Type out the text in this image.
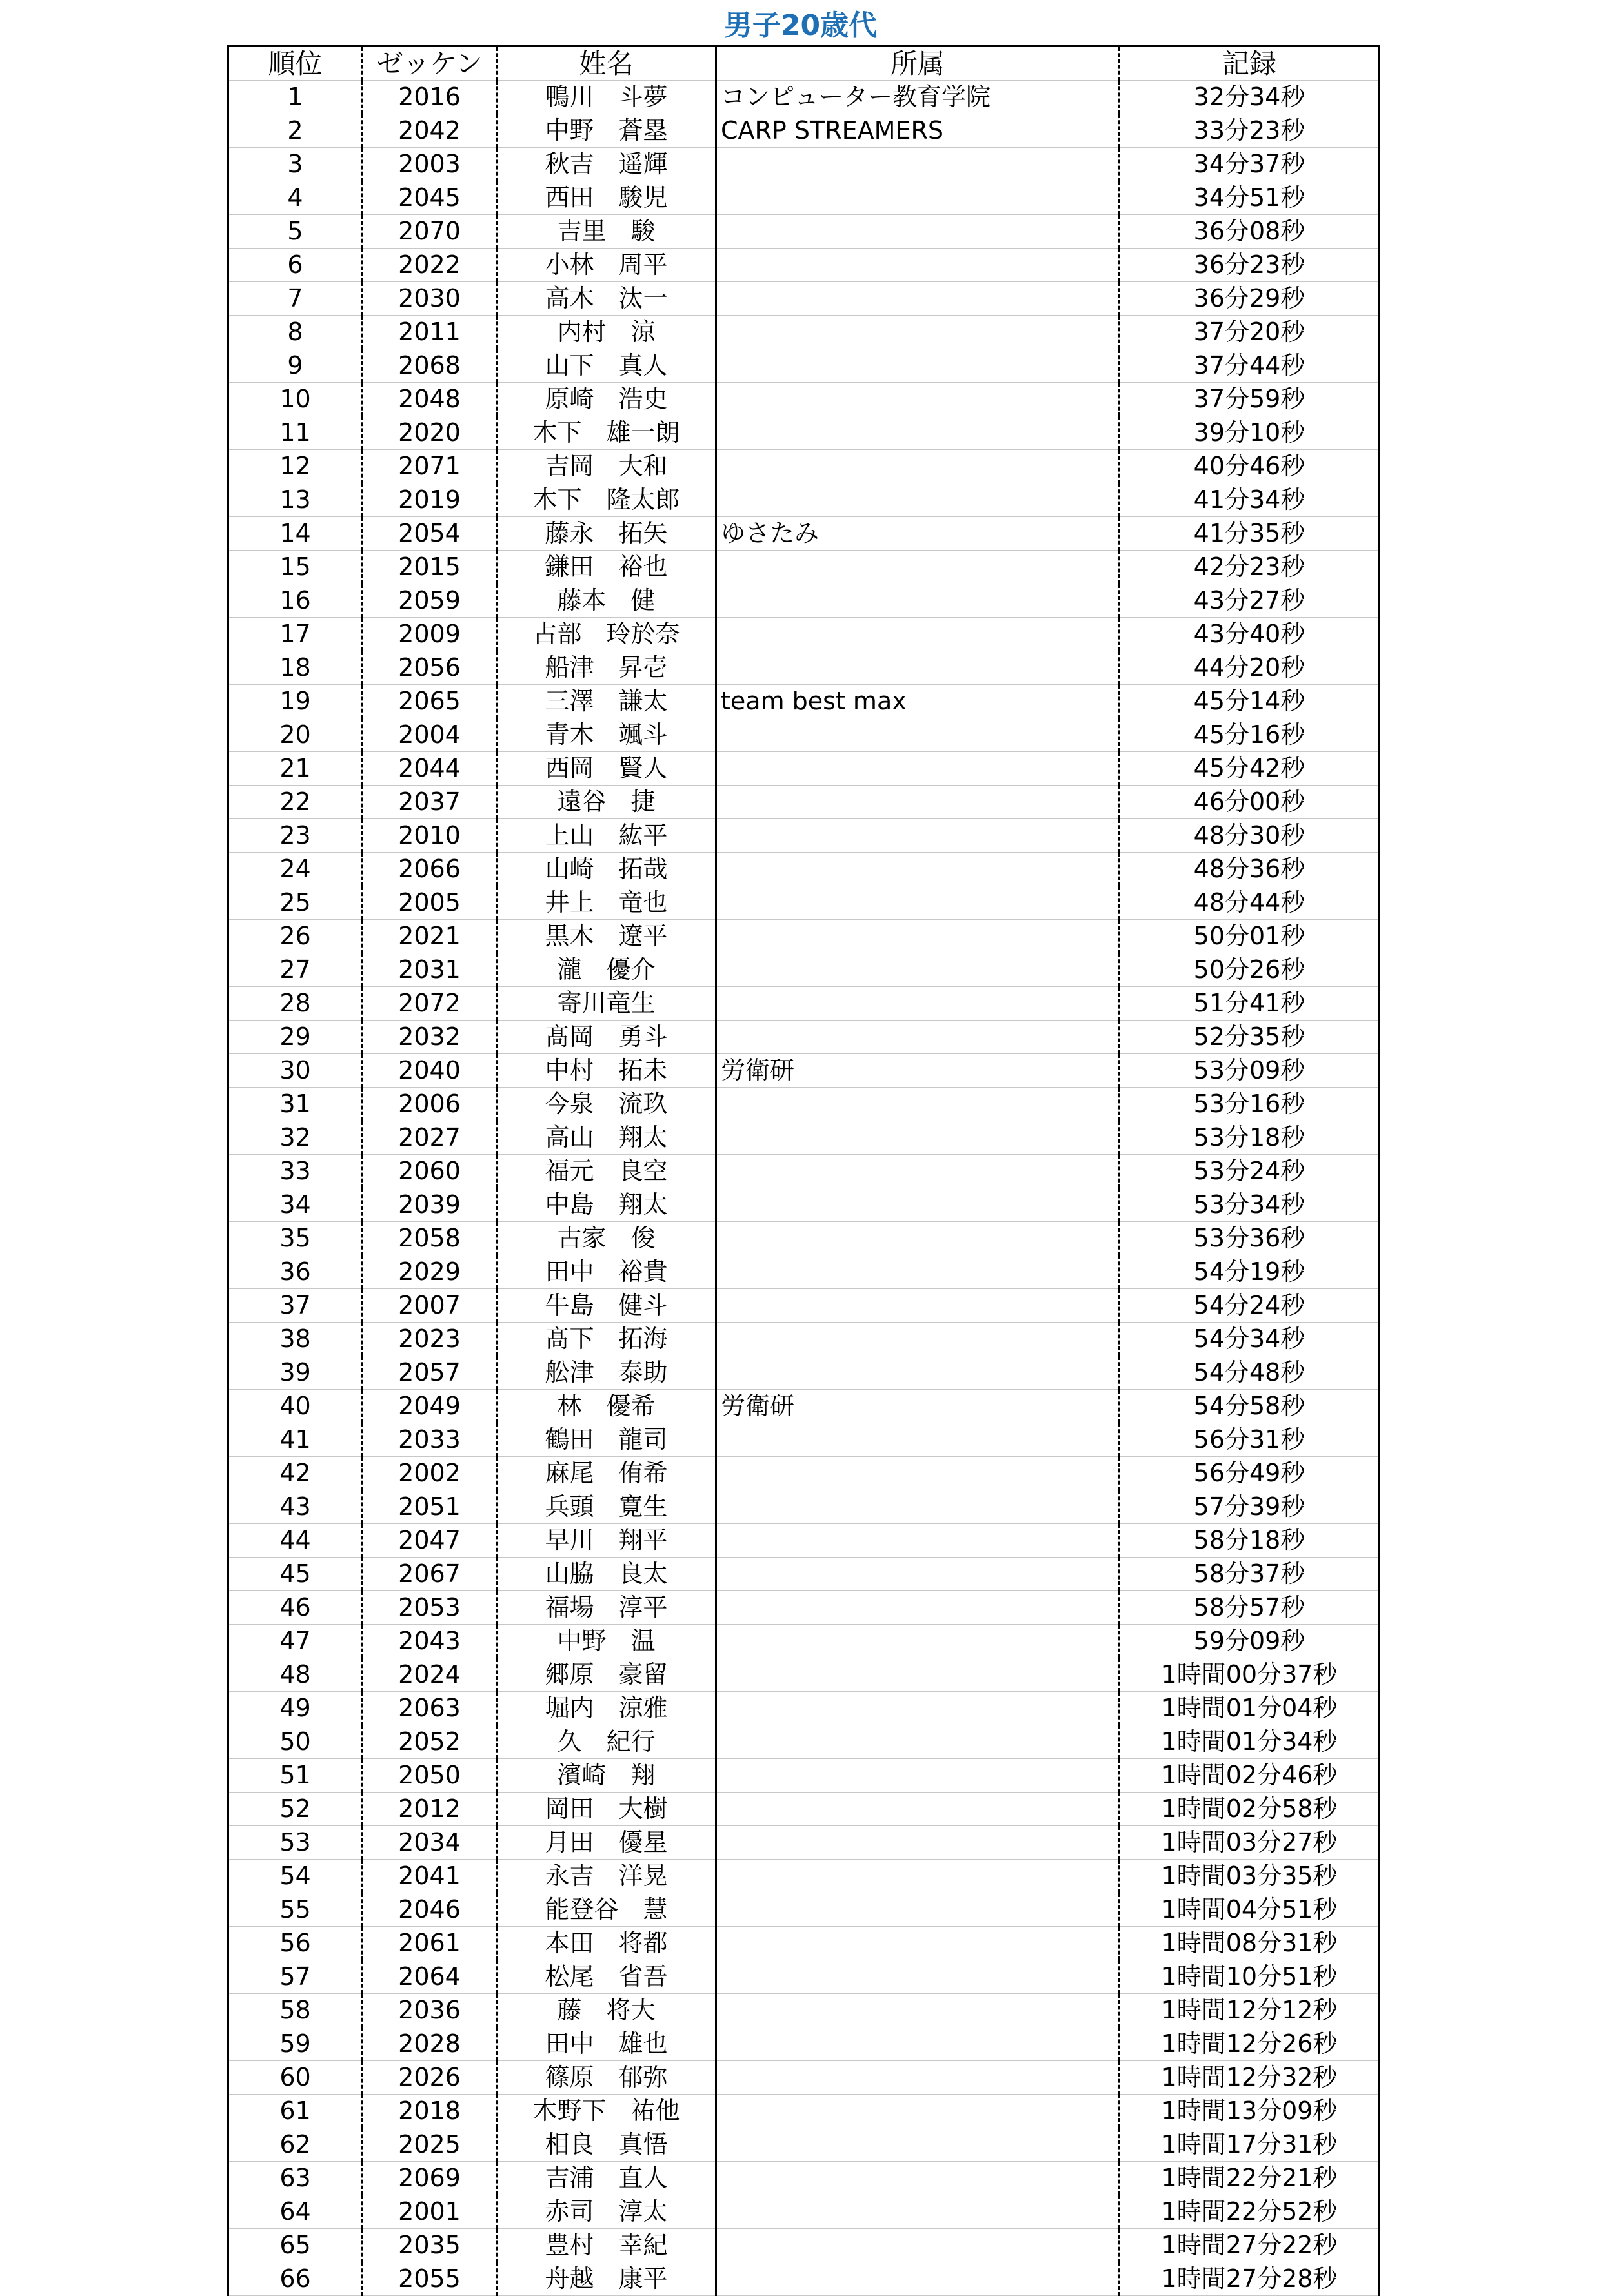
男子20歳代
順位	ゼッケン	姓名	所属	記録
1	2016	鴨川　斗夢	コンピューター教育学院	32分34秒
2	2042	中野　蒼塁	CARP STREAMERS	33分23秒
3	2003	秋吉　遥輝		34分37秒
4	2045	西田　駿児		34分51秒
5	2070	吉里　駿		36分08秒
6	2022	小林　周平		36分23秒
7	2030	高木　汰一		36分29秒
8	2011	内村　涼		37分20秒
9	2068	山下　真人		37分44秒
10	2048	原崎　浩史		37分59秒
11	2020	木下　雄一朗		39分10秒
12	2071	吉岡　大和		40分46秒
13	2019	木下　隆太郎		41分34秒
14	2054	藤永　拓矢	ゆさたみ	41分35秒
15	2015	鎌田　裕也		42分23秒
16	2059	藤本　健		43分27秒
17	2009	占部　玲於奈		43分40秒
18	2056	船津　昇壱		44分20秒
19	2065	三澤　謙太	team best max	45分14秒
20	2004	青木　颯斗		45分16秒
21	2044	西岡　賢人		45分42秒
22	2037	遠谷　捷		46分00秒
23	2010	上山　紘平		48分30秒
24	2066	山崎　拓哉		48分36秒
25	2005	井上　竜也		48分44秒
26	2021	黒木　遼平		50分01秒
27	2031	瀧　優介		50分26秒
28	2072	寄川竜生		51分41秒
29	2032	髙岡　勇斗		52分35秒
30	2040	中村　拓未	労衛研	53分09秒
31	2006	今泉　流玖		53分16秒
32	2027	高山　翔太		53分18秒
33	2060	福元　良空		53分24秒
34	2039	中島　翔太		53分34秒
35	2058	古家　俊		53分36秒
36	2029	田中　裕貴		54分19秒
37	2007	牛島　健斗		54分24秒
38	2023	髙下　拓海		54分34秒
39	2057	舩津　泰助		54分48秒
40	2049	林　優希	労衛研	54分58秒
41	2033	鶴田　龍司		56分31秒
42	2002	麻尾　侑希		56分49秒
43	2051	兵頭　寛生		57分39秒
44	2047	早川　翔平		58分18秒
45	2067	山脇　良太		58分37秒
46	2053	福場　淳平		58分57秒
47	2043	中野　温		59分09秒
48	2024	郷原　豪留		1時間00分37秒
49	2063	堀内　涼雅		1時間01分04秒
50	2052	久　紀行		1時間01分34秒
51	2050	濱崎　翔		1時間02分46秒
52	2012	岡田　大樹		1時間02分58秒
53	2034	月田　優星		1時間03分27秒
54	2041	永吉　洋晃		1時間03分35秒
55	2046	能登谷　慧		1時間04分51秒
56	2061	本田　将都		1時間08分31秒
57	2064	松尾　省吾		1時間10分51秒
58	2036	藤　将大		1時間12分12秒
59	2028	田中　雄也		1時間12分26秒
60	2026	篠原　郁弥		1時間12分32秒
61	2018	木野下　祐他		1時間13分09秒
62	2025	相良　真悟		1時間17分31秒
63	2069	吉浦　直人		1時間22分21秒
64	2001	赤司　淳太		1時間22分52秒
65	2035	豊村　幸紀		1時間27分22秒
66	2055	舟越　康平		1時間27分28秒
